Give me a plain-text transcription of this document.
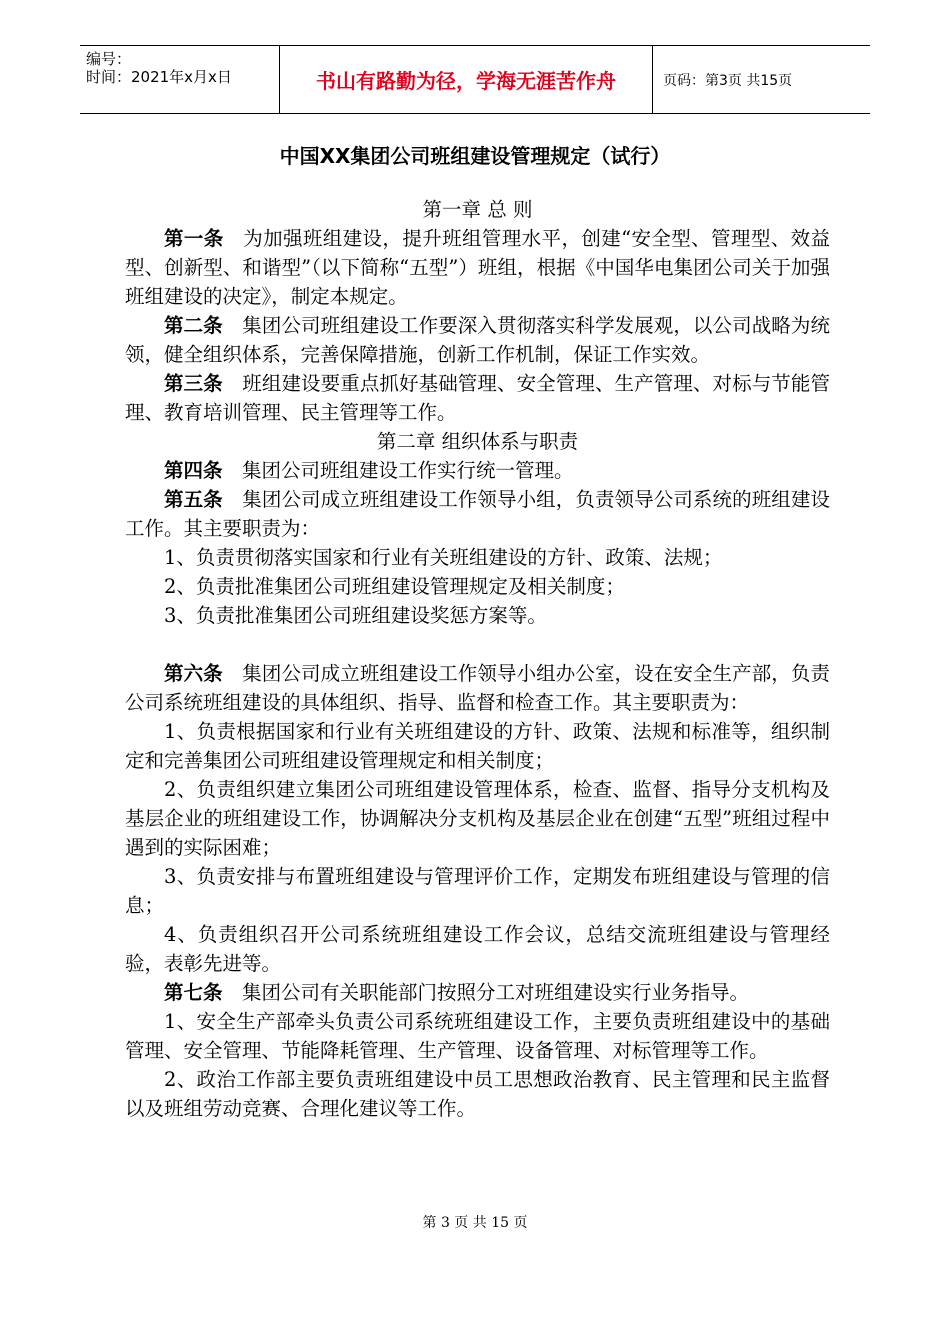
编号：
时间：2021年x月x日	书山有路勤为径，学海无涯苦作舟	页码：第3页 共15页
中国XX集团公司班组建设管理规定（试行）

第一章 总 则

第一条 为加强班组建设，提升班组管理水平，创建“安全型、管理型、效益型、创新型、和谐型”（以下简称“五型”）班组，根据《中国华电集团公司关于加强班组建设的决定》，制定本规定。

第二条 集团公司班组建设工作要深入贯彻落实科学发展观，以公司战略为统领，健全组织体系，完善保障措施，创新工作机制，保证工作实效。

第三条 班组建设要重点抓好基础管理、安全管理、生产管理、对标与节能管理、教育培训管理、民主管理等工作。

第二章 组织体系与职责

第四条 集团公司班组建设工作实行统一管理。

第五条 集团公司成立班组建设工作领导小组，负责领导公司系统的班组建设工作。其主要职责为：

1、负责贯彻落实国家和行业有关班组建设的方针、政策、法规；

2、负责批准集团公司班组建设管理规定及相关制度；

3、负责批准集团公司班组建设奖惩方案等。

第六条 集团公司成立班组建设工作领导小组办公室，设在安全生产部，负责公司系统班组建设的具体组织、指导、监督和检查工作。其主要职责为：

1、负责根据国家和行业有关班组建设的方针、政策、法规和标准等，组织制定和完善集团公司班组建设管理规定和相关制度；

2、负责组织建立集团公司班组建设管理体系，检查、监督、指导分支机构及基层企业的班组建设工作，协调解决分支机构及基层企业在创建“五型”班组过程中遇到的实际困难；

3、负责安排与布置班组建设与管理评价工作，定期发布班组建设与管理的信息；

4、负责组织召开公司系统班组建设工作会议，总结交流班组建设与管理经验，表彰先进等。

第七条 集团公司有关职能部门按照分工对班组建设实行业务指导。

1、安全生产部牵头负责公司系统班组建设工作，主要负责班组建设中的基础管理、安全管理、节能降耗管理、生产管理、设备管理、对标管理等工作。

2、政治工作部主要负责班组建设中员工思想政治教育、民主管理和民主监督以及班组劳动竞赛、合理化建议等工作。

第 3 页 共 15 页
